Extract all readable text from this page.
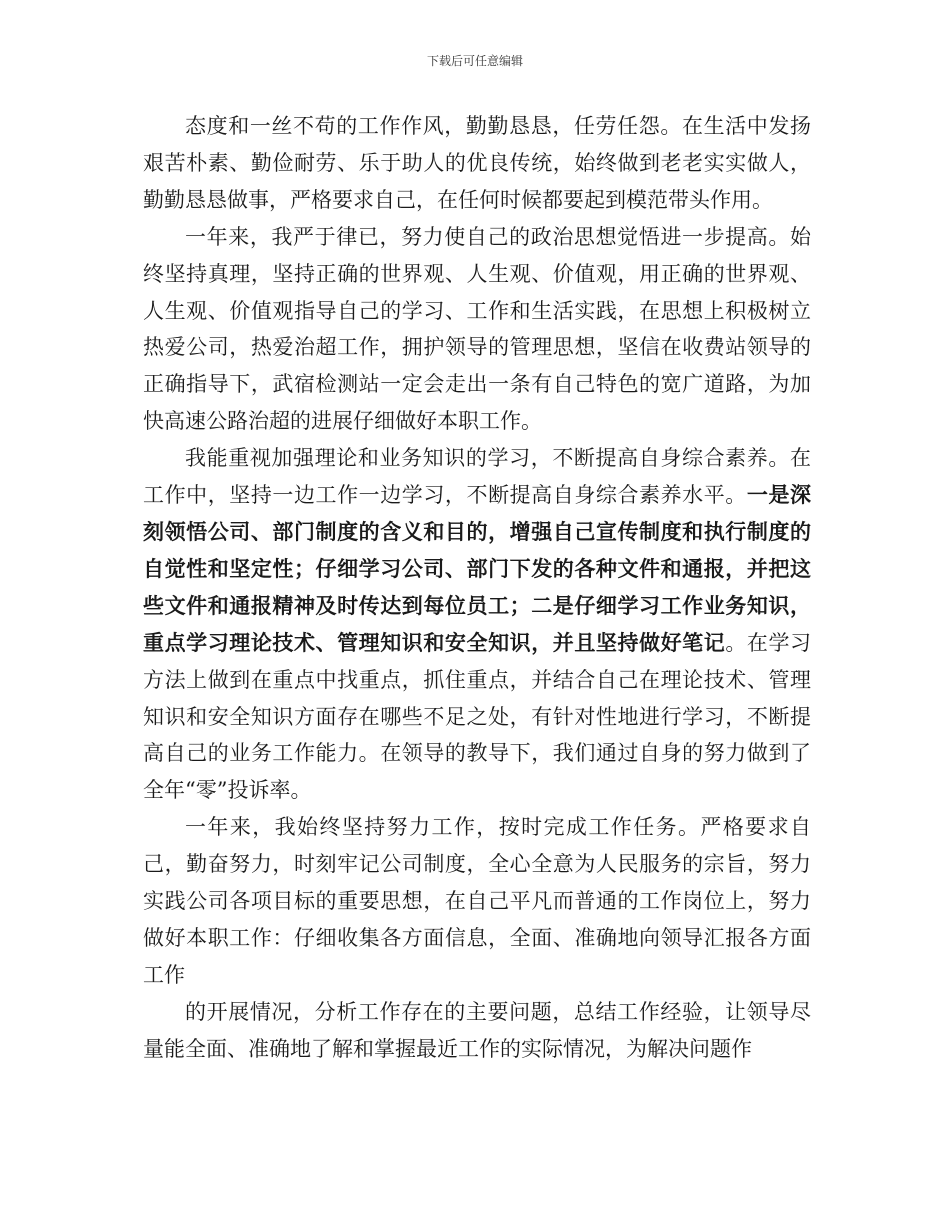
下载后可任意编辑

态度和一丝不苟的工作作风，勤勤恳恳，任劳任怨。在生活中发扬艰苦朴素、勤俭耐劳、乐于助人的优良传统，始终做到老老实实做人，勤勤恳恳做事，严格要求自己，在任何时候都要起到模范带头作用。

一年来，我严于律已，努力使自己的政治思想觉悟进一步提高。始终坚持真理，坚持正确的世界观、人生观、价值观，用正确的世界观、人生观、价值观指导自己的学习、工作和生活实践，在思想上积极树立热爱公司，热爱治超工作，拥护领导的管理思想，坚信在收费站领导的正确指导下，武宿检测站一定会走出一条有自己特色的宽广道路，为加快高速公路治超的进展仔细做好本职工作。

我能重视加强理论和业务知识的学习，不断提高自身综合素养。在工作中，坚持一边工作一边学习，不断提高自身综合素养水平。一是深刻领悟公司、部门制度的含义和目的，增强自己宣传制度和执行制度的自觉性和坚定性；仔细学习公司、部门下发的各种文件和通报，并把这些文件和通报精神及时传达到每位员工；二是仔细学习工作业务知识，重点学习理论技术、管理知识和安全知识，并且坚持做好笔记。在学习方法上做到在重点中找重点，抓住重点，并结合自己在理论技术、管理知识和安全知识方面存在哪些不足之处，有针对性地进行学习，不断提高自己的业务工作能力。在领导的教导下，我们通过自身的努力做到了全年“零”投诉率。

一年来，我始终坚持努力工作，按时完成工作任务。严格要求自己，勤奋努力，时刻牢记公司制度，全心全意为人民服务的宗旨，努力实践公司各项目标的重要思想，在自己平凡而普通的工作岗位上，努力做好本职工作：仔细收集各方面信息，全面、准确地向领导汇报各方面工作

的开展情况，分析工作存在的主要问题，总结工作经验，让领导尽量能全面、准确地了解和掌握最近工作的实际情况，为解决问题作
